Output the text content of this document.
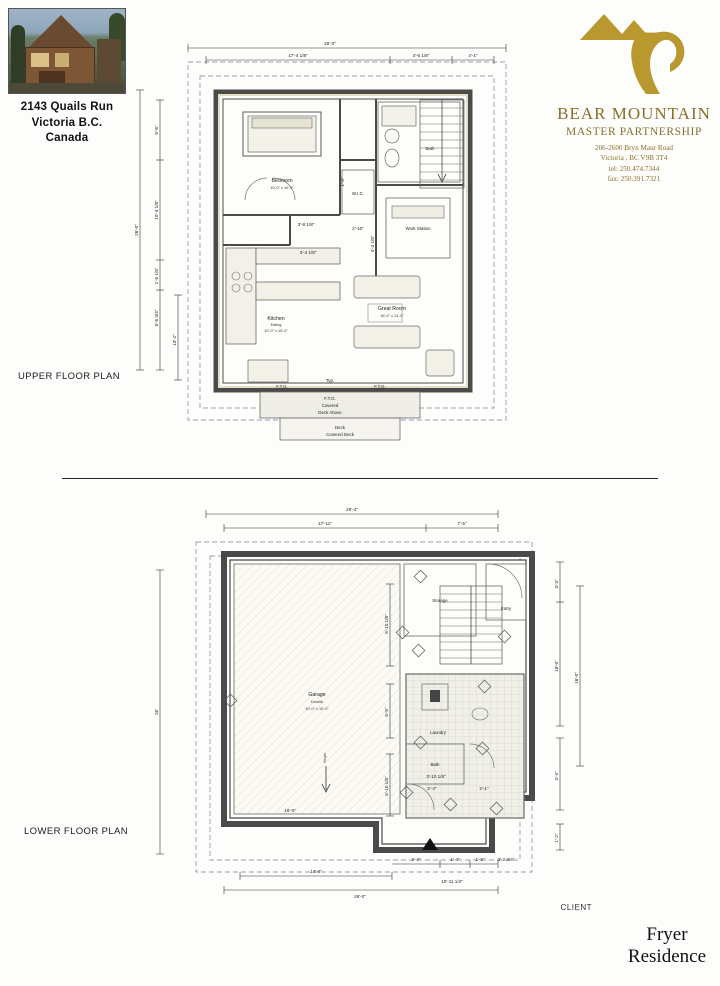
2143 Quails Run
Victoria B.C.
Canada
BEAR MOUNTAIN
MASTER PARTNERSHIP
206-2600 Bryn Maur Road
Victoria , BC V9B 3T4
tel: 250.474.7344
fax: 250.391.7321
26'-0"
17'-4 1/8"	4'-6 1/8"	4'-1"
26'-0"
5'-6"
10'-4 1/8"
1'-5 1/8"
5'-5 3/4"
13'-2"
Bedroom
10'-0" x 10'-0"
W.I.C.
Bath
Work Station
Kitchen
Eating
10'-0" x 10'-0"
Great Room
16'-0" x 14'-0"
F.T.G.
Covered
Deck Above
Deck
Covered Deck
F.T.G.	F.T.G.
Typ.
3'-8 1/8"
3'-4 1/8"
2'-10"
4'-4 1/8"
1'-3"
UPPER FLOOR PLAN
25'-4"
17'-11"	7'-5"
26'
3'-3"
18'-0"
16'-0"
4'-4"
1'-2"
Garage
Double
19'-0" x 19'-0"
Slope
16'-0"
Storage
Entry
Laundry
Bath
5'-10 1/8"
6'-5"
5'-10 1/8"	2'-4"	2'-1"
26'-0"
14'-8"
3'-4"	1'-4"	1'-5"	2'-2 3/4"
10'-11 1/2"
3'-10 1/8"
LOWER FLOOR PLAN
CLIENT
Fryer
Residence
